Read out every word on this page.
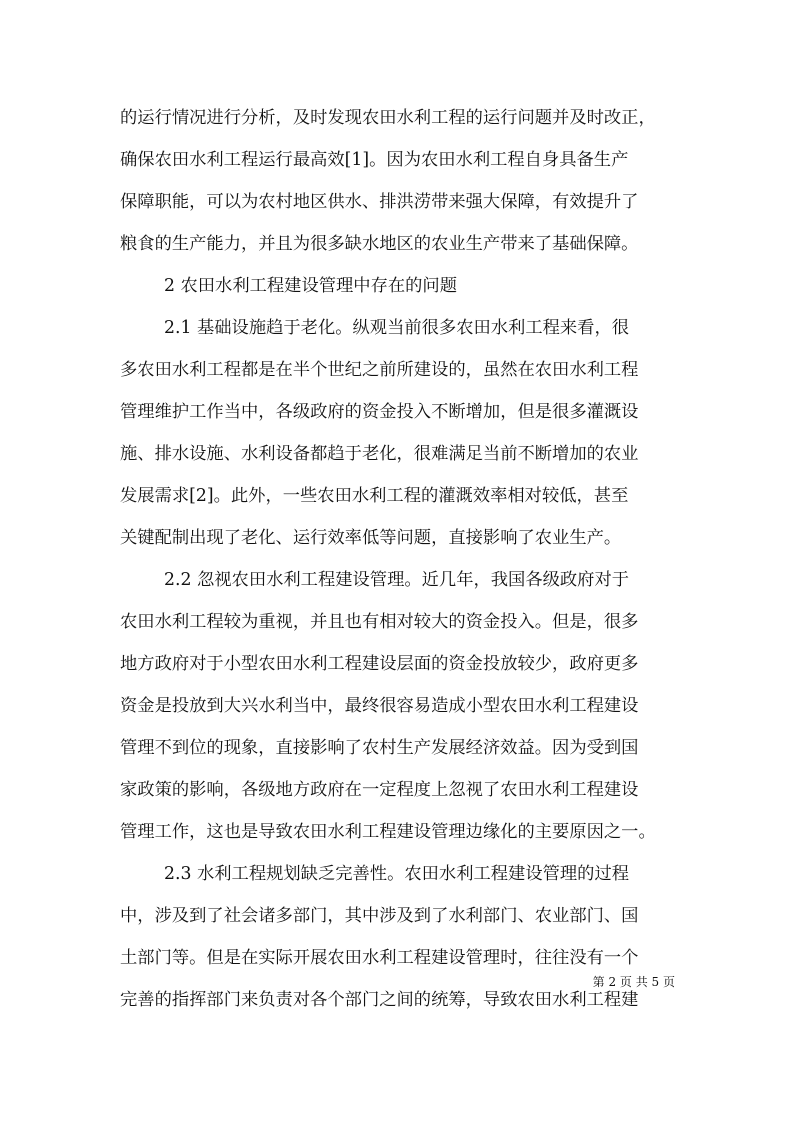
的运行情况进行分析，及时发现农田水利工程的运行问题并及时改正，
确保农田水利工程运行最高效[1]。因为农田水利工程自身具备生产
保障职能，可以为农村地区供水、排洪涝带来强大保障，有效提升了
粮食的生产能力，并且为很多缺水地区的农业生产带来了基础保障。
2 农田水利工程建设管理中存在的问题
2.1 基础设施趋于老化。纵观当前很多农田水利工程来看，很
多农田水利工程都是在半个世纪之前所建设的，虽然在农田水利工程
管理维护工作当中，各级政府的资金投入不断增加，但是很多灌溉设
施、排水设施、水利设备都趋于老化，很难满足当前不断增加的农业
发展需求[2]。此外，一些农田水利工程的灌溉效率相对较低，甚至
关键配制出现了老化、运行效率低等问题，直接影响了农业生产。
2.2 忽视农田水利工程建设管理。近几年，我国各级政府对于
农田水利工程较为重视，并且也有相对较大的资金投入。但是，很多
地方政府对于小型农田水利工程建设层面的资金投放较少，政府更多
资金是投放到大兴水利当中，最终很容易造成小型农田水利工程建设
管理不到位的现象，直接影响了农村生产发展经济效益。因为受到国
家政策的影响，各级地方政府在一定程度上忽视了农田水利工程建设
管理工作，这也是导致农田水利工程建设管理边缘化的主要原因之一。
2.3 水利工程规划缺乏完善性。农田水利工程建设管理的过程
中，涉及到了社会诸多部门，其中涉及到了水利部门、农业部门、国
土部门等。但是在实际开展农田水利工程建设管理时，往往没有一个
完善的指挥部门来负责对各个部门之间的统筹，导致农田水利工程建
第 2 页 共 5 页
